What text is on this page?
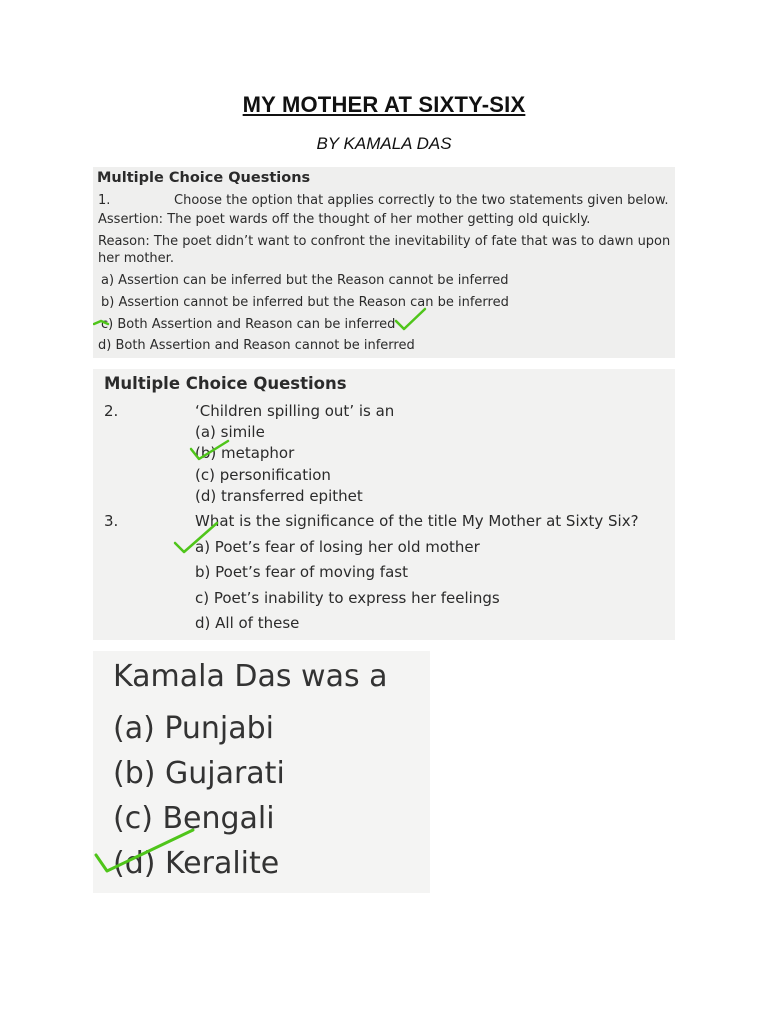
MY MOTHER AT SIXTY-SIX
BY KAMALA DAS
Multiple Choice Questions
1.	Choose the option that applies correctly to the two statements given below.
Assertion: The poet wards off the thought of her mother getting old quickly.
Reason: The poet didn’t want to confront the inevitability of fate that was to dawn upon
her mother.
a) Assertion can be inferred but the Reason cannot be inferred
b) Assertion cannot be inferred but the Reason can be inferred
c) Both Assertion and Reason can be inferred
d) Both Assertion and Reason cannot be inferred
Multiple Choice Questions
2.	‘Children spilling out’ is an
(a) simile
(b) metaphor
(c) personification
(d) transferred epithet
3.	What is the significance of the title My Mother at Sixty Six?
a) Poet’s fear of losing her old mother
b) Poet’s fear of moving fast
c) Poet’s inability to express her feelings
d) All of these
Kamala Das was a
(a) Punjabi
(b) Gujarati
(c) Bengali
(d) Keralite
